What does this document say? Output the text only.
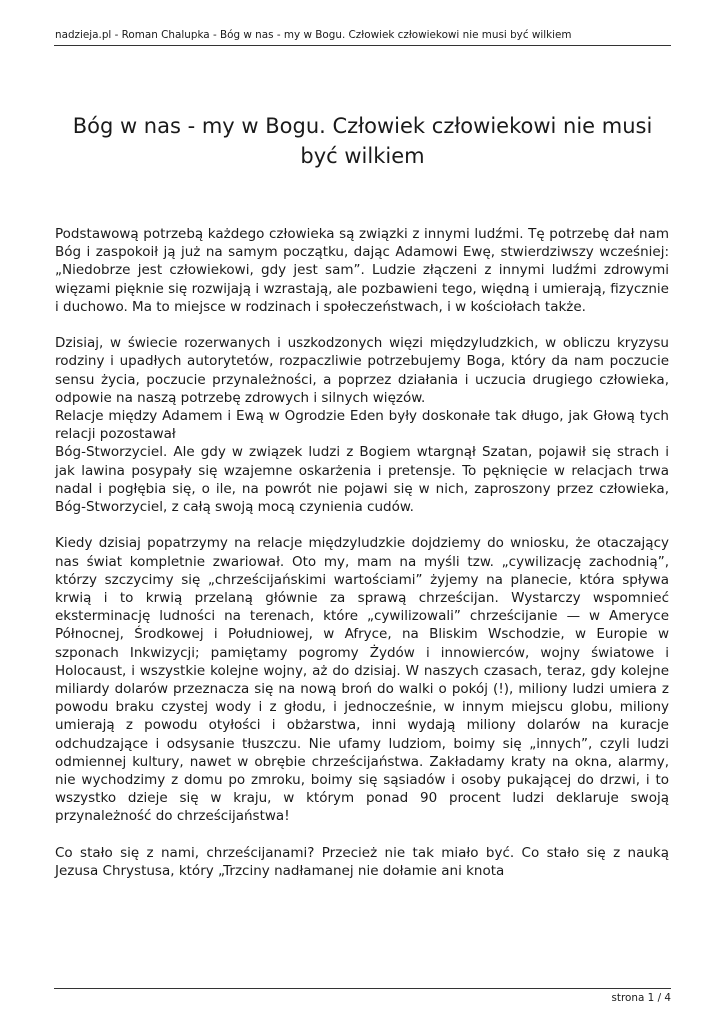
nadzieja.pl - Roman Chalupka - Bóg w nas - my w Bogu. Człowiek człowiekowi nie musi być wilkiem
Bóg w nas - my w Bogu. Człowiek człowiekowi nie musi być wilkiem

Podstawową potrzebą każdego człowieka są związki z innymi ludźmi. Tę potrzebę dał nam Bóg i zaspokoił ją już na samym początku, dając Adamowi Ewę, stwierdziwszy wcześniej: „Niedobrze jest człowiekowi, gdy jest sam”. Ludzie złączeni z innymi ludźmi zdrowymi więzami pięknie się rozwijają i wzrastają, ale pozbawieni tego, więdną i umierają, fizycznie i duchowo. Ma to miejsce w rodzinach i społeczeństwach, i w kościołach także.

Dzisiaj, w świecie rozerwanych i uszkodzonych więzi międzyludzkich, w obliczu kryzysu rodziny i upadłych autorytetów, rozpaczliwie potrzebujemy Boga, który da nam poczucie sensu życia, poczucie przynależności, a poprzez działania i uczucia drugiego człowieka, odpowie na naszą potrzebę zdrowych i silnych więzów.

Relacje między Adamem i Ewą w Ogrodzie Eden były doskonałe tak długo, jak Głową tych relacji pozostawał

Bóg-Stworzyciel. Ale gdy w związek ludzi z Bogiem wtargnął Szatan, pojawił się strach i jak lawina posypały się wzajemne oskarżenia i pretensje. To pęknięcie w relacjach trwa nadal i pogłębia się, o ile, na powrót nie pojawi się w nich, zaproszony przez człowieka, Bóg-Stworzyciel, z całą swoją mocą czynienia cudów.

Kiedy dzisiaj popatrzymy na relacje międzyludzkie dojdziemy do wniosku, że otaczający nas świat kompletnie zwariował. Oto my, mam na myśli tzw. „cywilizację zachodnią”, którzy szczycimy się „chrześcijańskimi wartościami” żyjemy na planecie, która spływa krwią i to krwią przelaną głównie za sprawą chrześcijan. Wystarczy wspomnieć eksterminację ludności na terenach, które „cywilizowali” chrześcijanie — w Ameryce Północnej, Środkowej i Południowej, w Afryce, na Bliskim Wschodzie, w Europie w szponach Inkwizycji; pamiętamy pogromy Żydów i innowierców, wojny światowe i Holocaust, i wszystkie kolejne wojny, aż do dzisiaj. W naszych czasach, teraz, gdy kolejne miliardy dolarów przeznacza się na nową broń do walki o pokój (!), miliony ludzi umiera z powodu braku czystej wody i z głodu, i jednocześnie, w innym miejscu globu, miliony umierają z powodu otyłości i obżarstwa, inni wydają miliony dolarów na kuracje odchudzające i odsysanie tłuszczu. Nie ufamy ludziom, boimy się „innych”, czyli ludzi odmiennej kultury, nawet w obrębie chrześcijaństwa. Zakładamy kraty na okna, alarmy, nie wychodzimy z domu po zmroku, boimy się sąsiadów i osoby pukającej do drzwi, i to wszystko dzieje się w kraju, w którym ponad 90 procent ludzi deklaruje swoją przynależność do chrześcijaństwa!

Co stało się z nami, chrześcijanami? Przecież nie tak miało być. Co stało się z nauką Jezusa Chrystusa, który „Trzciny nadłamanej nie dołamie ani knota

strona 1 / 4
